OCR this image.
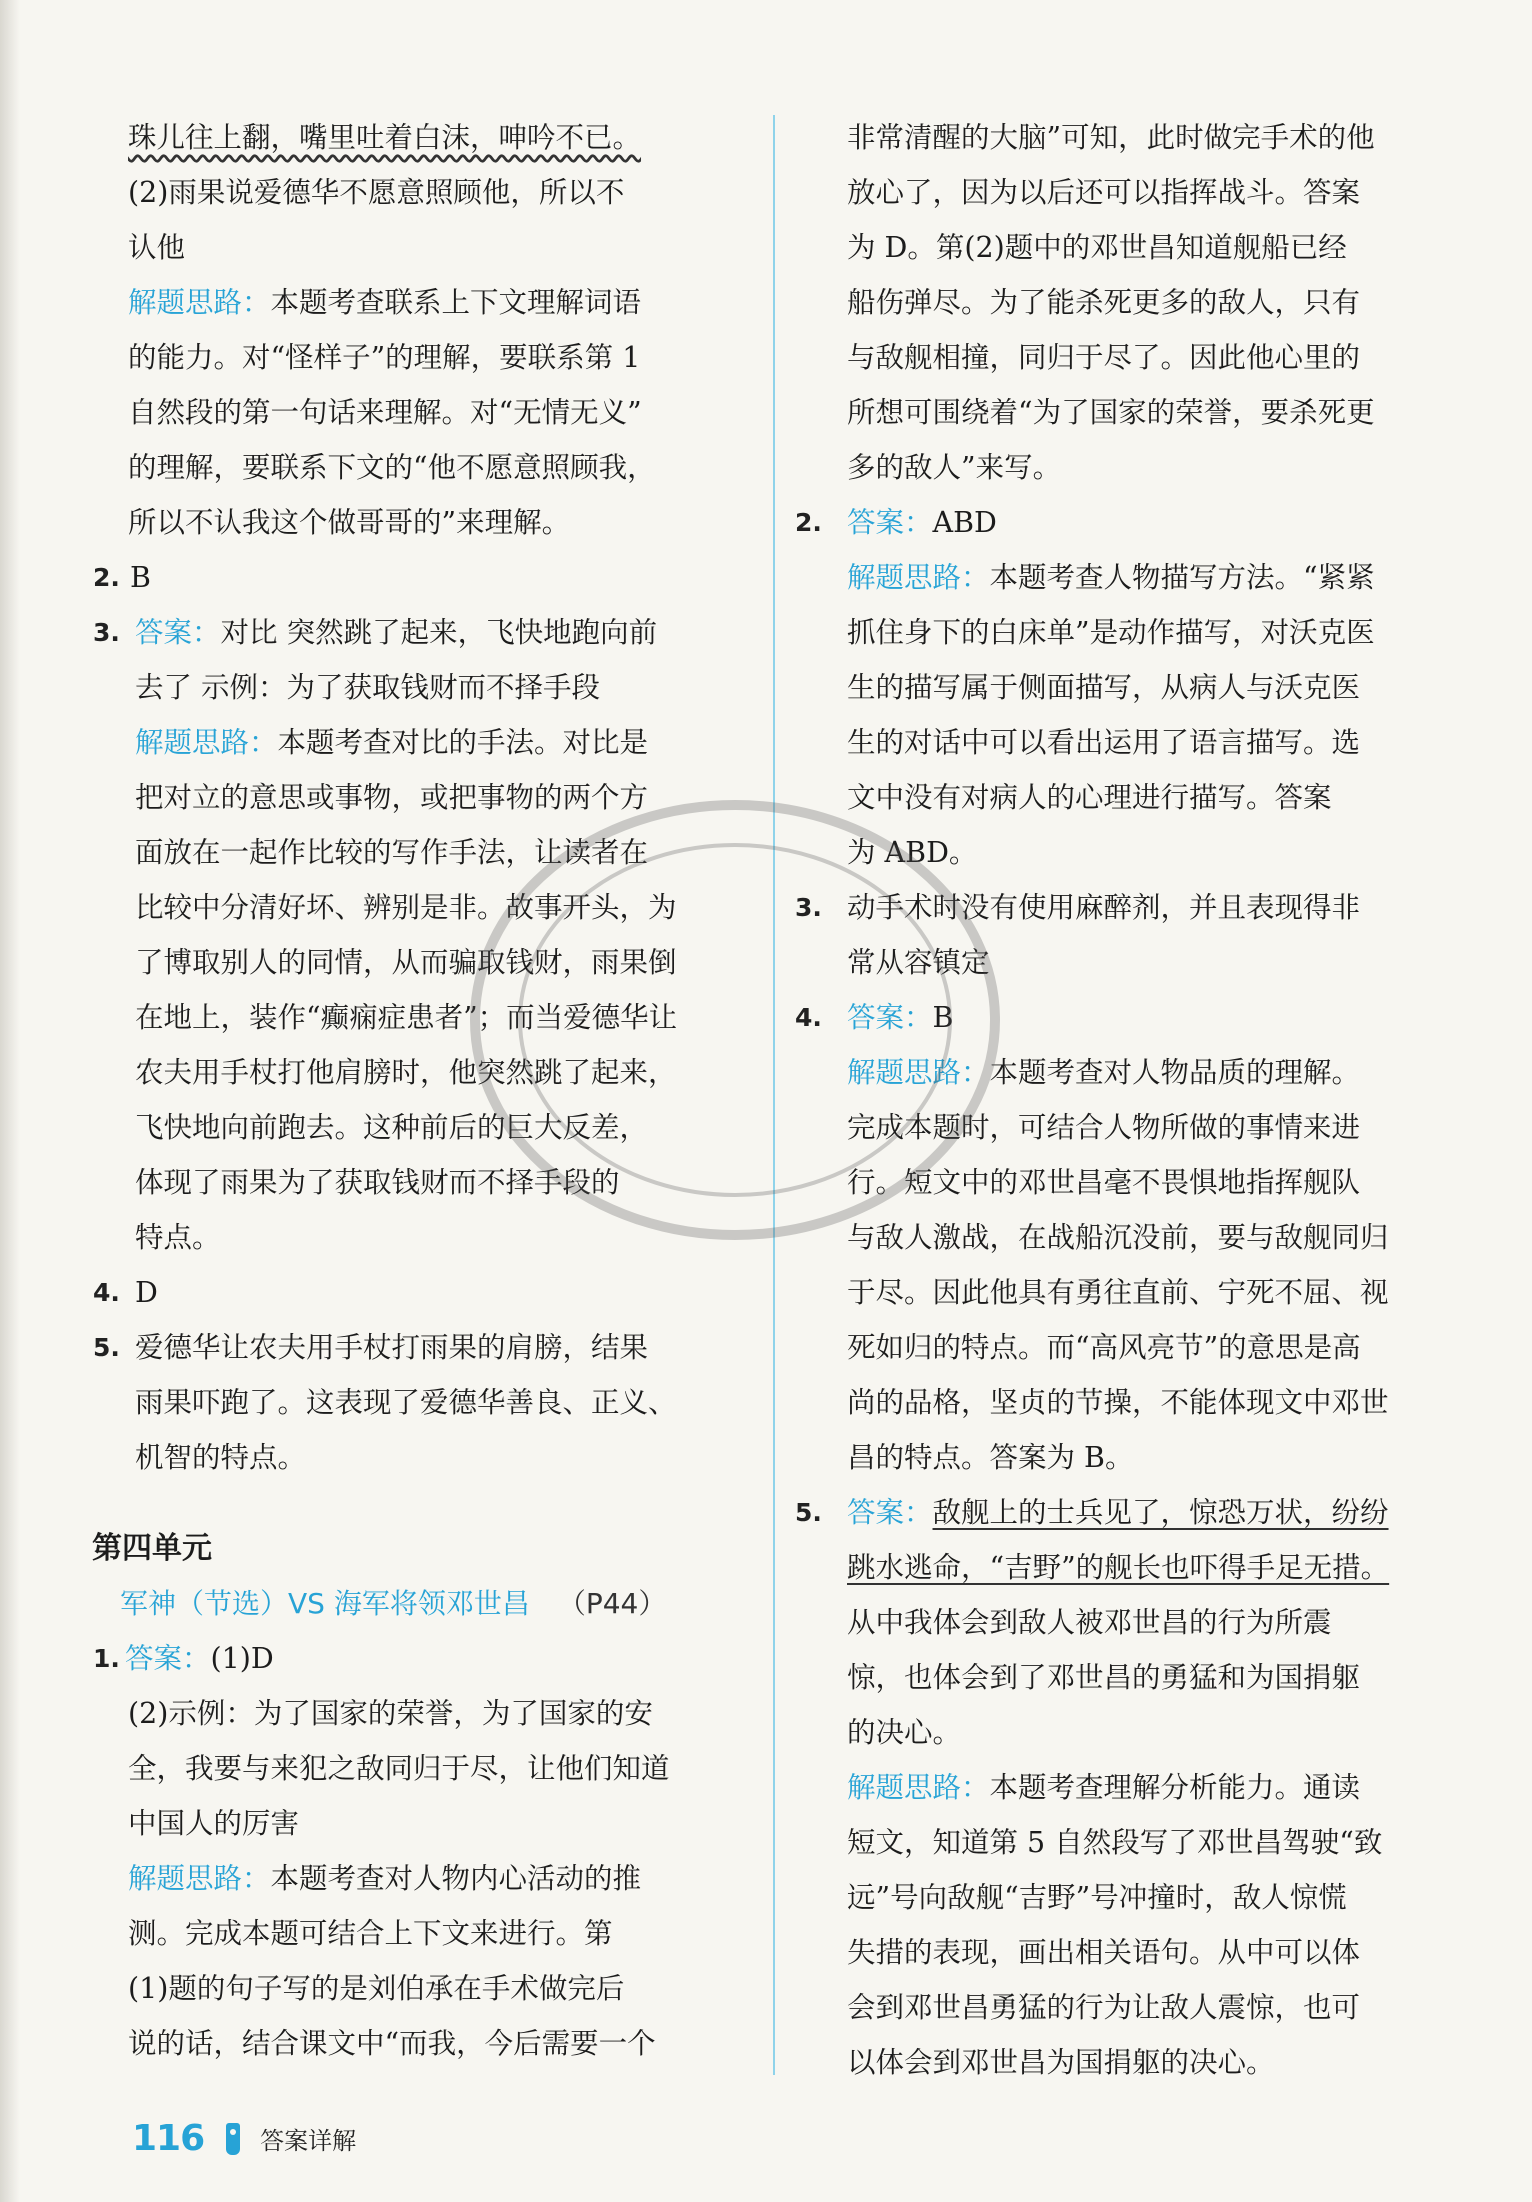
珠儿往上翻，嘴里吐着白沫，呻吟不已。
(2)雨果说爱德华不愿意照顾他，所以不
认他
解题思路：本题考查联系上下文理解词语
的能力。对“怪样子”的理解，要联系第 1
自然段的第一句话来理解。对“无情无义”
的理解，要联系下文的“他不愿意照顾我，
所以不认我这个做哥哥的”来理解。
2. B
3. 答案：对比 突然跳了起来，飞快地跑向前
去了 示例：为了获取钱财而不择手段
解题思路：本题考查对比的手法。对比是
把对立的意思或事物，或把事物的两个方
面放在一起作比较的写作手法，让读者在
比较中分清好坏、辨别是非。故事开头，为
了博取别人的同情，从而骗取钱财，雨果倒
在地上，装作“癫痫症患者”；而当爱德华让
农夫用手杖打他肩膀时，他突然跳了起来，
飞快地向前跑去。这种前后的巨大反差，
体现了雨果为了获取钱财而不择手段的
特点。
4. D
5. 爱德华让农夫用手杖打雨果的肩膀，结果
雨果吓跑了。这表现了爱德华善良、正义、
机智的特点。
第四单元
军神（节选）VS 海军将领邓世昌 （P44）
1. 答案：(1)D
(2)示例：为了国家的荣誉，为了国家的安
全，我要与来犯之敌同归于尽，让他们知道
中国人的厉害
解题思路：本题考查对人物内心活动的推
测。完成本题可结合上下文来进行。第
(1)题的句子写的是刘伯承在手术做完后
说的话，结合课文中“而我，今后需要一个
非常清醒的大脑”可知，此时做完手术的他
放心了，因为以后还可以指挥战斗。答案
为 D。第(2)题中的邓世昌知道舰船已经
船伤弹尽。为了能杀死更多的敌人，只有
与敌舰相撞，同归于尽了。因此他心里的
所想可围绕着“为了国家的荣誉，要杀死更
多的敌人”来写。
2. 答案：ABD
解题思路：本题考查人物描写方法。“紧紧
抓住身下的白床单”是动作描写，对沃克医
生的描写属于侧面描写，从病人与沃克医
生的对话中可以看出运用了语言描写。选
文中没有对病人的心理进行描写。答案
为 ABD。
3. 动手术时没有使用麻醉剂，并且表现得非
常从容镇定
4. 答案：B
解题思路：本题考查对人物品质的理解。
完成本题时，可结合人物所做的事情来进
行。短文中的邓世昌毫不畏惧地指挥舰队
与敌人激战，在战船沉没前，要与敌舰同归
于尽。因此他具有勇往直前、宁死不屈、视
死如归的特点。而“高风亮节”的意思是高
尚的品格，坚贞的节操，不能体现文中邓世
昌的特点。答案为 B。
5. 答案：敌舰上的士兵见了，惊恐万状，纷纷
跳水逃命，“吉野”的舰长也吓得手足无措。
从中我体会到敌人被邓世昌的行为所震
惊，也体会到了邓世昌的勇猛和为国捐躯
的决心。
解题思路：本题考查理解分析能力。通读
短文，知道第 5 自然段写了邓世昌驾驶“致
远”号向敌舰“吉野”号冲撞时，敌人惊慌
失措的表现，画出相关语句。从中可以体
会到邓世昌勇猛的行为让敌人震惊，也可
以体会到邓世昌为国捐躯的决心。
116 答案详解
